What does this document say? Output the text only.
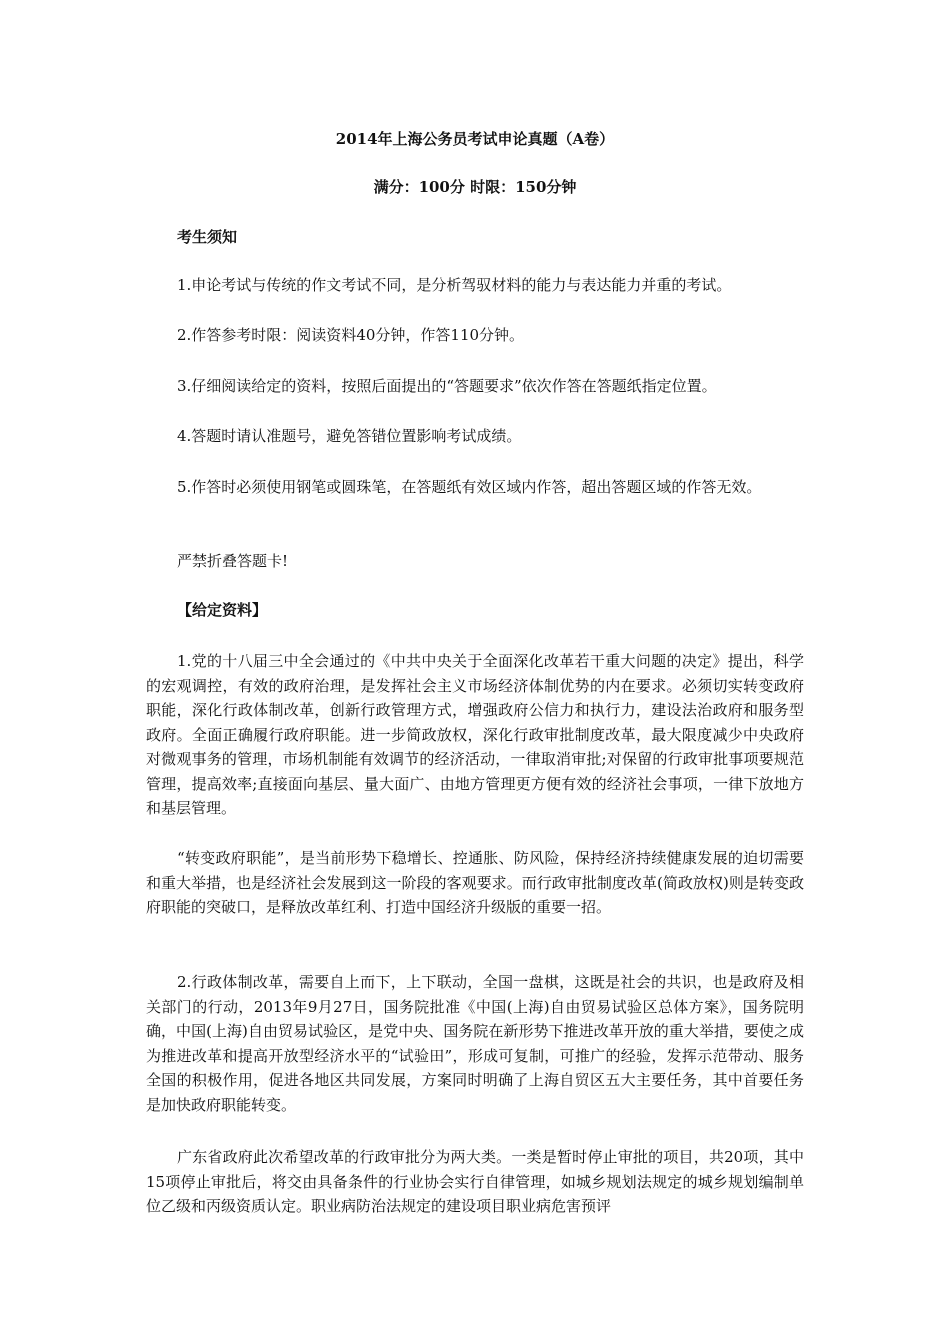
2014年上海公务员考试申论真题（A卷）
满分：100分 时限：150分钟

考生须知

1.申论考试与传统的作文考试不同，是分析驾驭材料的能力与表达能力并重的考试。

2.作答参考时限：阅读资料40分钟，作答110分钟。

3.仔细阅读给定的资料，按照后面提出的“答题要求”依次作答在答题纸指定位置。

4.答题时请认准题号，避免答错位置影响考试成绩。

5.作答时必须使用钢笔或圆珠笔，在答题纸有效区域内作答，超出答题区域的作答无效。

严禁折叠答题卡!

【给定资料】

1.党的十八届三中全会通过的《中共中央关于全面深化改革若干重大问题的决定》提出，科学的宏观调控，有效的政府治理，是发挥社会主义市场经济体制优势的内在要求。必须切实转变政府职能，深化行政体制改革，创新行政管理方式，增强政府公信力和执行力，建设法治政府和服务型政府。全面正确履行政府职能。进一步简政放权，深化行政审批制度改革，最大限度减少中央政府对微观事务的管理，市场机制能有效调节的经济活动，一律取消审批;对保留的行政审批事项要规范管理，提高效率;直接面向基层、量大面广、由地方管理更方便有效的经济社会事项，一律下放地方和基层管理。

“转变政府职能”，是当前形势下稳增长、控通胀、防风险，保持经济持续健康发展的迫切需要和重大举措，也是经济社会发展到这一阶段的客观要求。而行政审批制度改革(简政放权)则是转变政府职能的突破口，是释放改革红利、打造中国经济升级版的重要一招。

2.行政体制改革，需要自上而下，上下联动，全国一盘棋，这既是社会的共识，也是政府及相关部门的行动，2013年9月27日，国务院批准《中国(上海)自由贸易试验区总体方案》，国务院明确，中国(上海)自由贸易试验区，是党中央、国务院在新形势下推进改革开放的重大举措，要使之成为推进改革和提高开放型经济水平的“试验田”，形成可复制，可推广的经验，发挥示范带动、服务全国的积极作用，促进各地区共同发展，方案同时明确了上海自贸区五大主要任务，其中首要任务是加快政府职能转变。

广东省政府此次希望改革的行政审批分为两大类。一类是暂时停止审批的项目，共20项，其中15项停止审批后，将交由具备条件的行业协会实行自律管理，如城乡规划法规定的城乡规划编制单位乙级和丙级资质认定。职业病防治法规定的建设项目职业病危害预评
